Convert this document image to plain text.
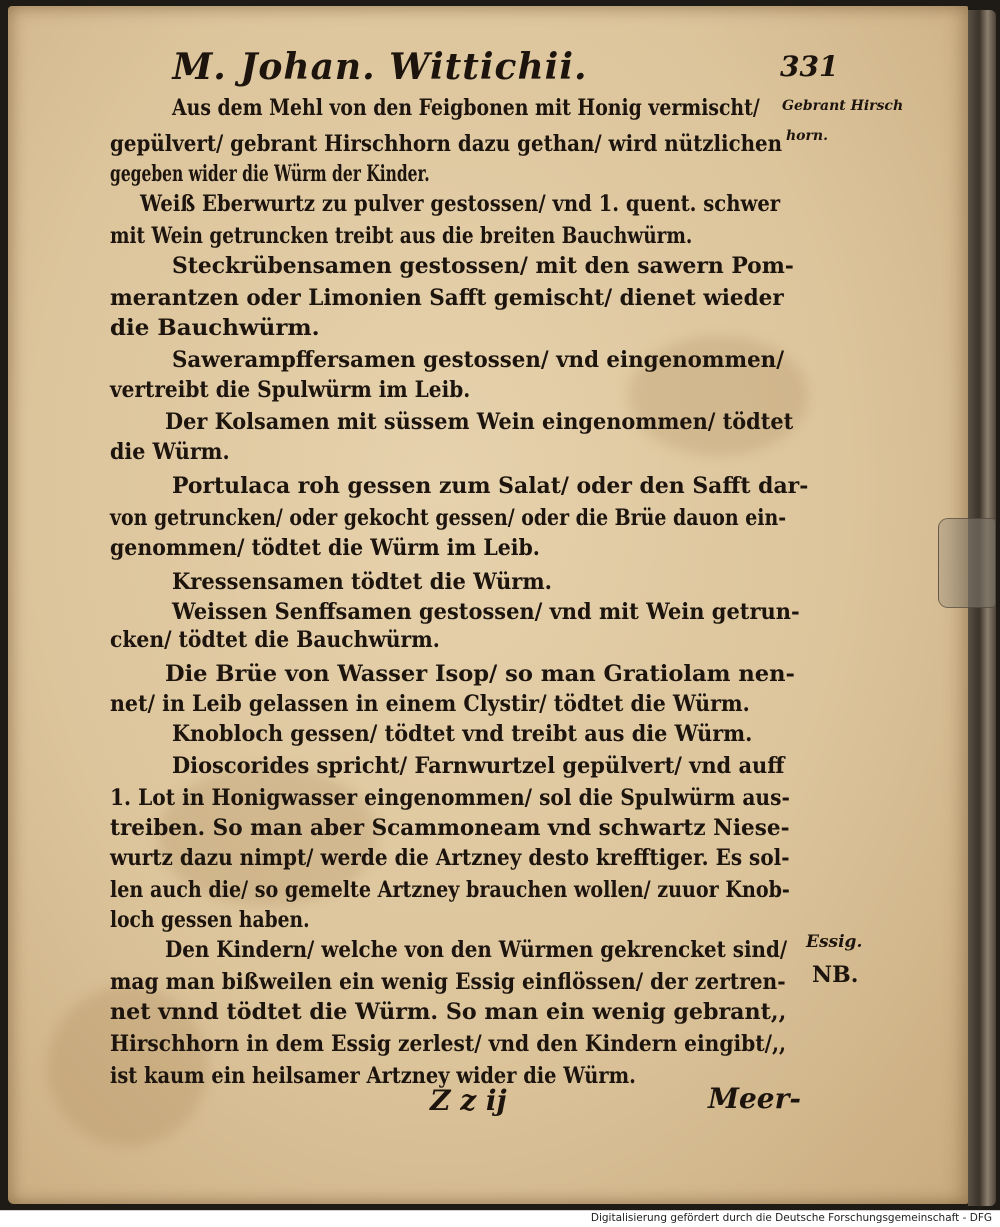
M. Johan. Wittichii.	331
Aus dem Mehl von den Feigbonen mit Honig vermischt/
gepülvert/ gebrant Hirschhorn dazu gethan/ wird nützlichen
gegeben wider die Würm der Kinder.
Weiß Eberwurtz zu pulver gestossen/ vnd 1. quent. schwer
mit Wein getruncken treibt aus die breiten Bauchwürm.
Steckrübensamen gestossen/ mit den sawern Pom-
merantzen oder Limonien Safft gemischt/ dienet wieder
die Bauchwürm.
Sawerampffersamen gestossen/ vnd eingenommen/
vertreibt die Spulwürm im Leib.
Der Kolsamen mit süssem Wein eingenommen/ tödtet
die Würm.
Portulaca roh gessen zum Salat/ oder den Safft dar-
von getruncken/ oder gekocht gessen/ oder die Brüe dauon ein-
genommen/ tödtet die Würm im Leib.
Kressensamen tödtet die Würm.
Weissen Senffsamen gestossen/ vnd mit Wein getrun-
cken/ tödtet die Bauchwürm.
Die Brüe von Wasser Isop/ so man Gratiolam nen-
net/ in Leib gelassen in einem Clystir/ tödtet die Würm.
Knobloch gessen/ tödtet vnd treibt aus die Würm.
Dioscorides spricht/ Farnwurtzel gepülvert/ vnd auff
1. Lot in Honigwasser eingenommen/ sol die Spulwürm aus-
treiben. So man aber Scammoneam vnd schwartz Niese-
wurtz dazu nimpt/ werde die Artzney desto krefftiger. Es sol-
len auch die/ so gemelte Artzney brauchen wollen/ zuuor Knob-
loch gessen haben.
Den Kindern/ welche von den Würmen gekrencket sind/
mag man bißweilen ein wenig Essig einflössen/ der zertren-
net vnnd tödtet die Würm. So man ein wenig gebrant,,
Hirschhorn in dem Essig zerlest/ vnd den Kindern eingibt/,,
ist kaum ein heilsamer Artzney wider die Würm.
Gebrant Hirsch
horn.
Essig.
NB.
Z z ij	Meer-
Digitalisierung gefördert durch die Deutsche Forschungsgemeinschaft - DFG
